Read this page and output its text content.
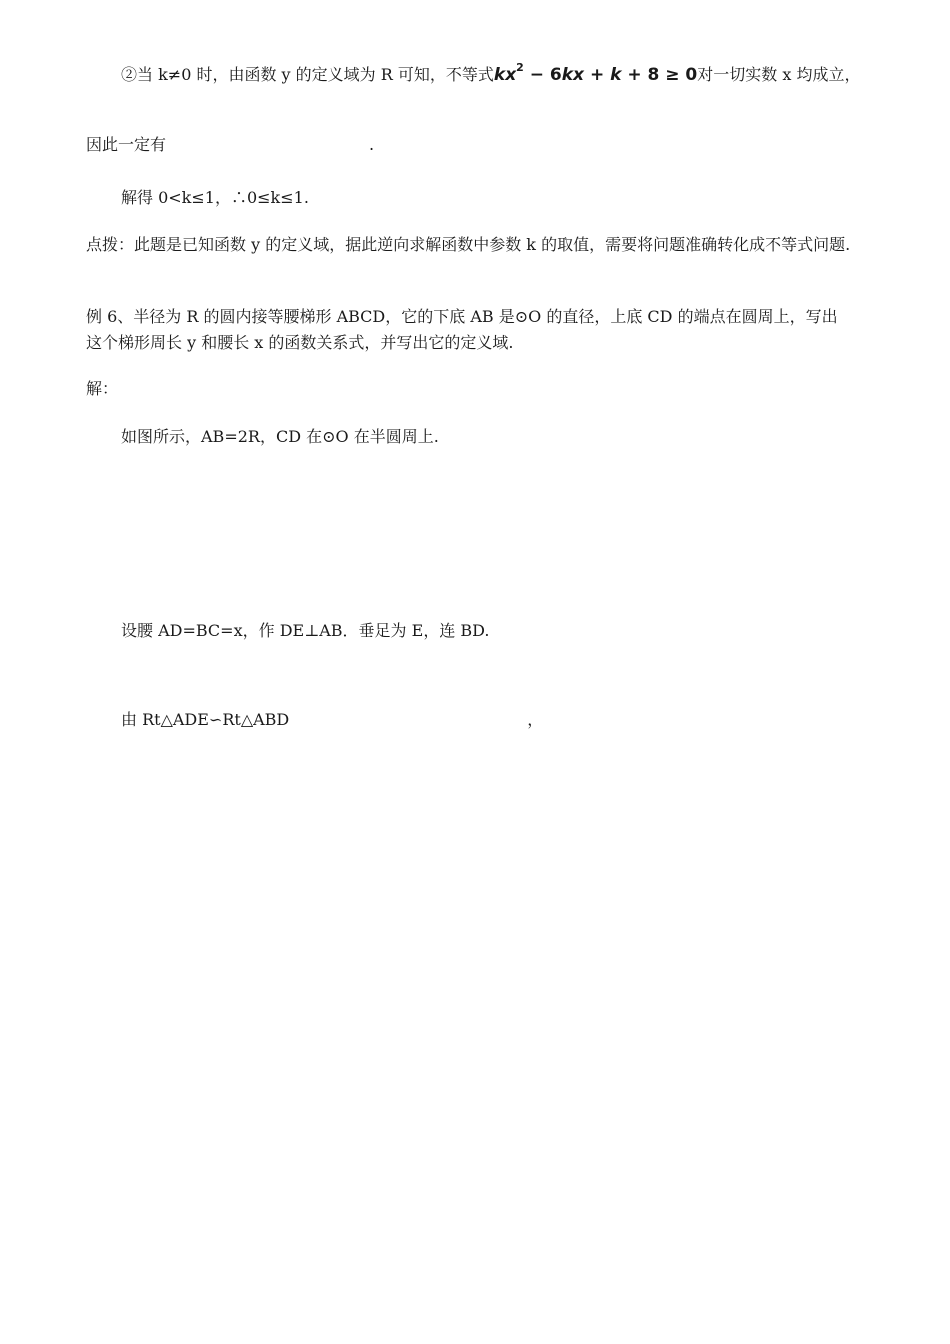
②当 k≠0 时，由函数 y 的定义域为 R 可知，不等式$kx^2 - 6kx + k + 8 \ge 0$对一切实数 x 均成立，
因此一定有	.
解得 0<k≤1，∴0≤k≤1.
点拨：此题是已知函数 y 的定义域，据此逆向求解函数中参数 k 的取值，需要将问题准确转化成不等式问题.
例 6、半径为 R 的圆内接等腰梯形 ABCD，它的下底 AB 是⊙O 的直径，上底 CD 的端点在圆周上，写出这个梯形周长 y 和腰长 x 的函数关系式，并写出它的定义域.
解：
如图所示，AB=2R，CD 在⊙O 在半圆周上.
设腰 AD=BC=x，作 DE⊥AB．垂足为 E，连 BD.
由 Rt△ADE∽Rt△ABD	，
